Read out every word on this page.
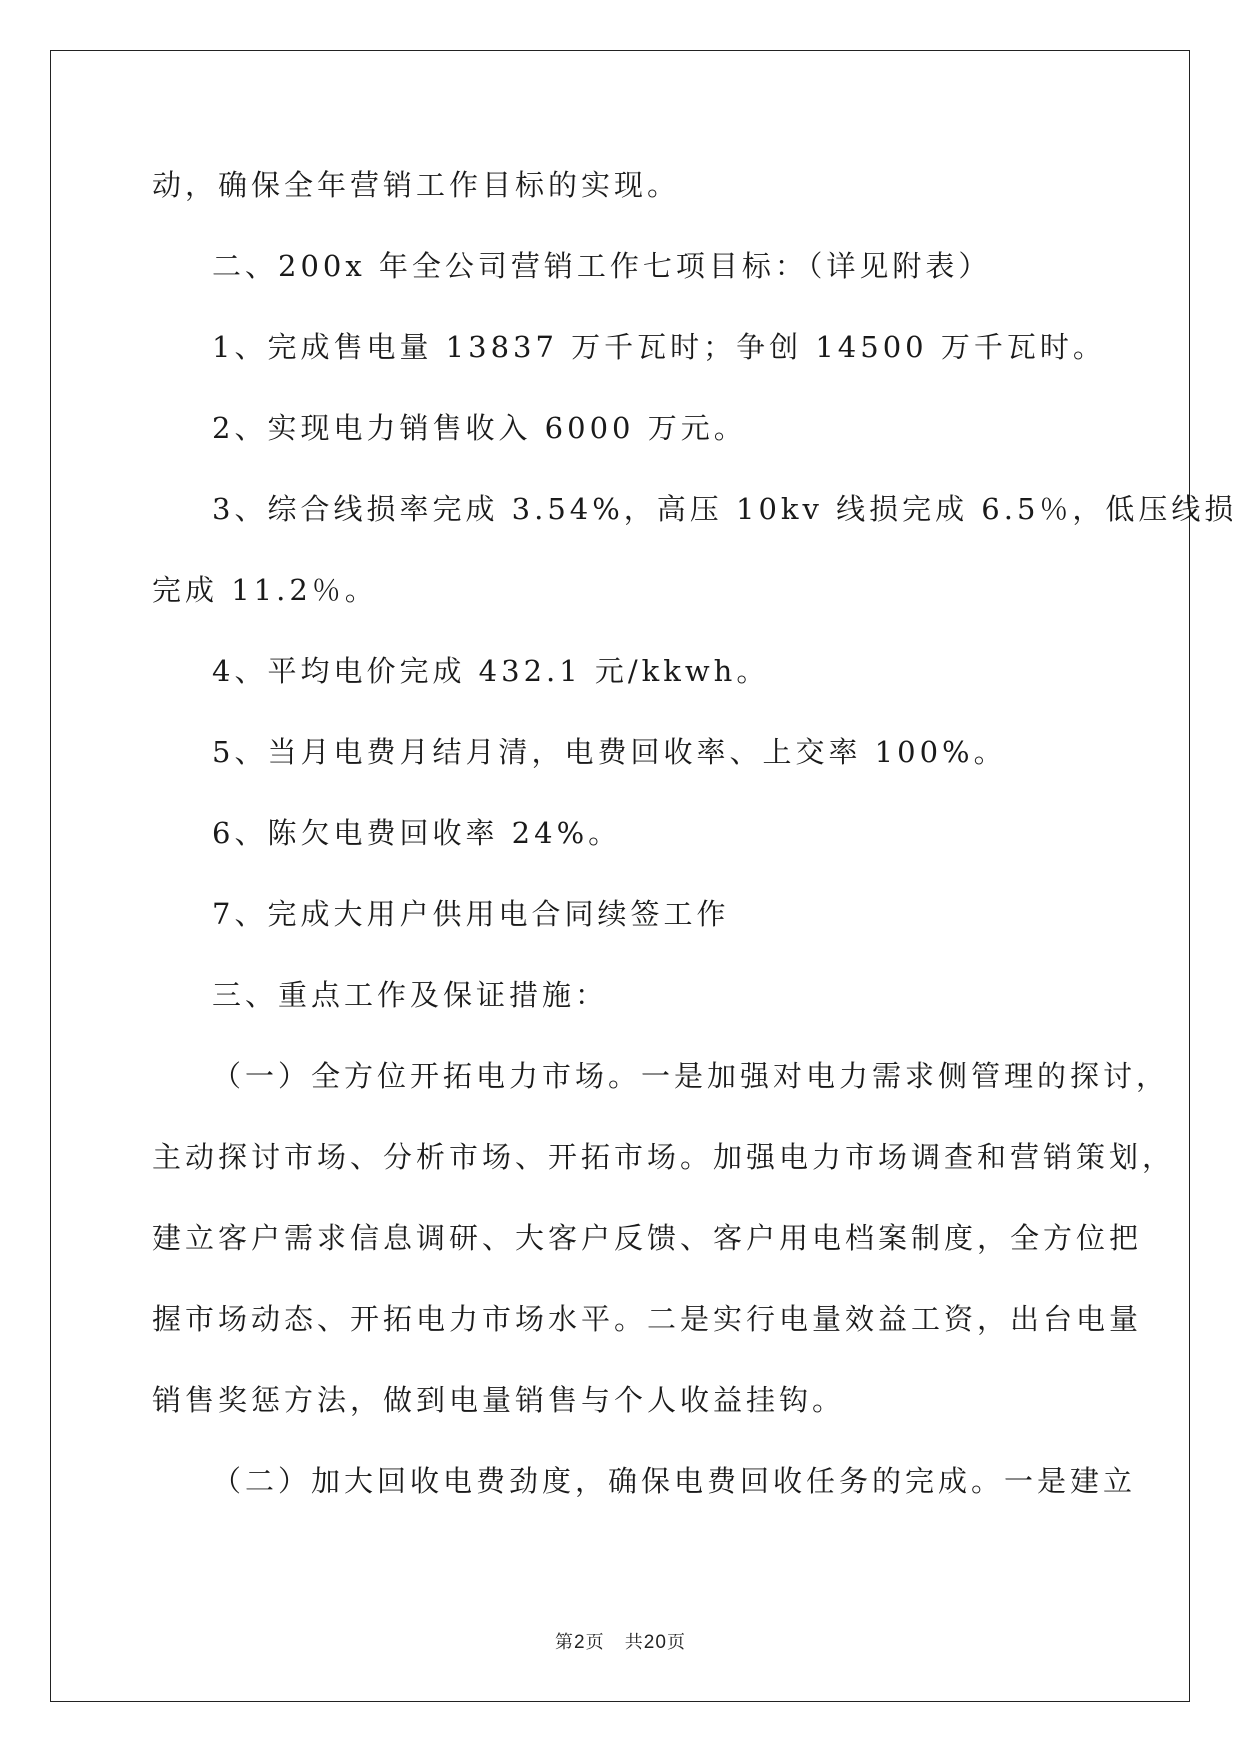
动，确保全年营销工作目标的实现。
二、200x 年全公司营销工作七项目标：（详见附表）
1、完成售电量 13837 万千瓦时；争创 14500 万千瓦时。
2、实现电力销售收入 6000 万元。
3、综合线损率完成 3.54%，高压 10kv 线损完成 6.5％，低压线损
完成 11.2％。
4、平均电价完成 432.1 元/kkwh。
5、当月电费月结月清，电费回收率、上交率 100%。
6、陈欠电费回收率 24%。
7、完成大用户供用电合同续签工作
三、重点工作及保证措施：
（一）全方位开拓电力市场。一是加强对电力需求侧管理的探讨，
主动探讨市场、分析市场、开拓市场。加强电力市场调查和营销策划，
建立客户需求信息调研、大客户反馈、客户用电档案制度，全方位把
握市场动态、开拓电力市场水平。二是实行电量效益工资，出台电量
销售奖惩方法，做到电量销售与个人收益挂钩。
（二）加大回收电费劲度，确保电费回收任务的完成。一是建立
第2页 共20页
